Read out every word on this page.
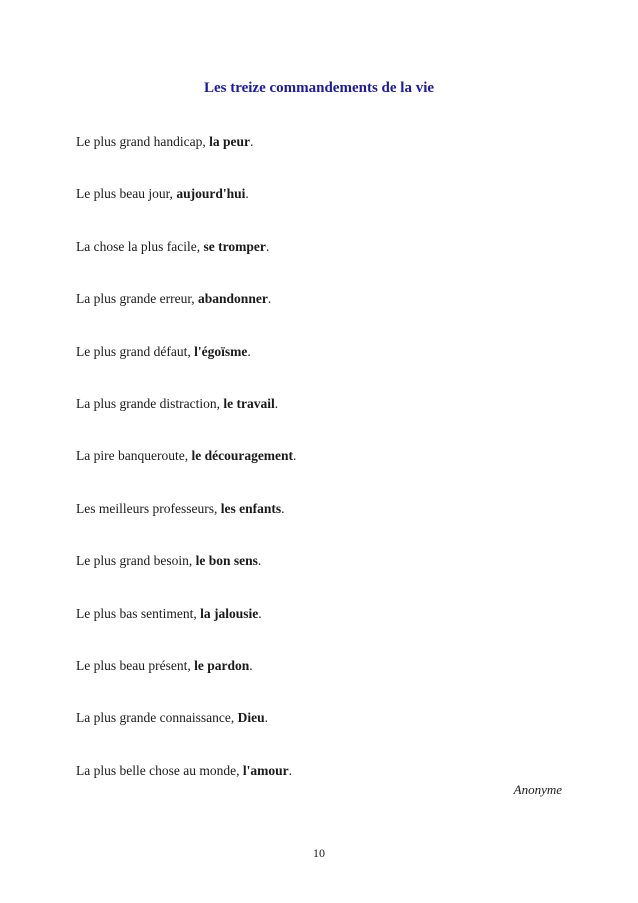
Les treize commandements de la vie
Le plus grand handicap, la peur.
Le plus beau jour, aujourd'hui.
La chose la plus facile, se tromper.
La plus grande erreur, abandonner.
Le plus grand défaut, l'égoïsme.
La plus grande distraction, le travail.
La pire banqueroute, le découragement.
Les meilleurs professeurs, les enfants.
Le plus grand besoin, le bon sens.
Le plus bas sentiment, la jalousie.
Le plus beau présent, le pardon.
La plus grande connaissance, Dieu.
La plus belle chose au monde, l'amour.
Anonyme
10
